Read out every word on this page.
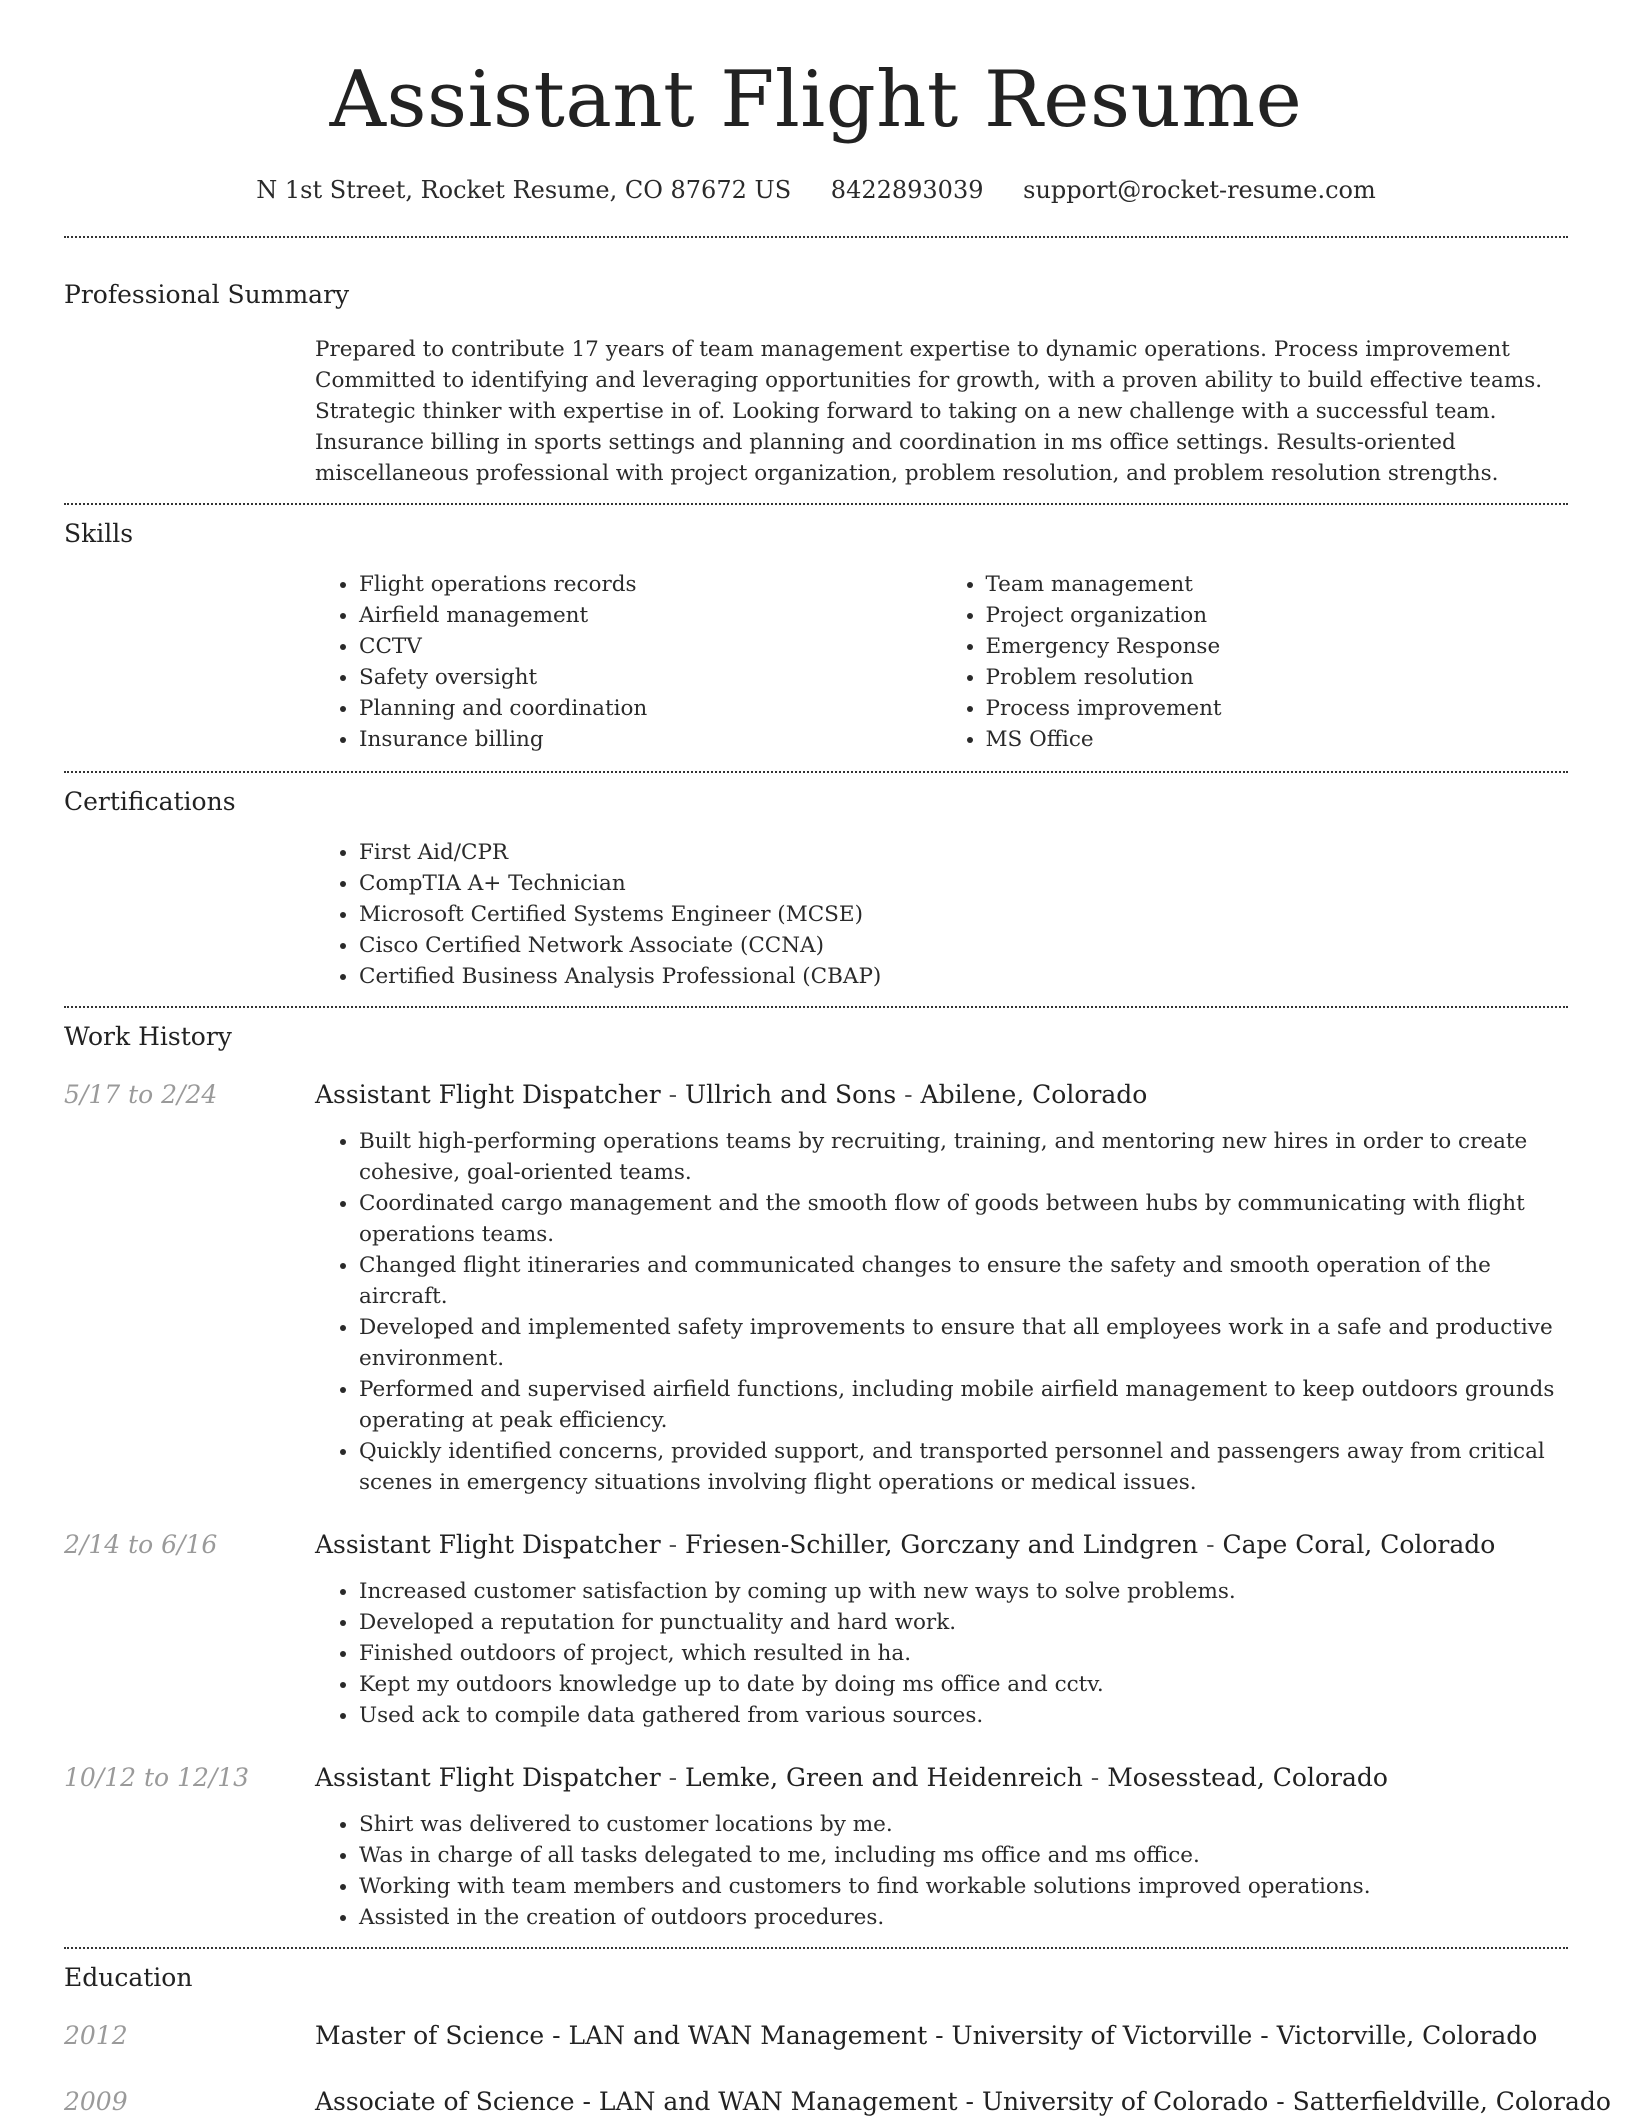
Assistant Flight Resume
N 1st Street, Rocket Resume, CO 87672 US 8422893039 support@rocket-resume.com
Professional Summary
Prepared to contribute 17 years of team management expertise to dynamic operations. Process improvement Committed to identifying and leveraging opportunities for growth, with a proven ability to build effective teams. Strategic thinker with expertise in of. Looking forward to taking on a new challenge with a successful team. Insurance billing in sports settings and planning and coordination in ms office settings. Results-oriented miscellaneous professional with project organization, problem resolution, and problem resolution strengths.
Skills
• Flight operations records
• Airfield management
• CCTV
• Safety oversight
• Planning and coordination
• Insurance billing
• Team management
• Project organization
• Emergency Response
• Problem resolution
• Process improvement
• MS Office
Certifications
• First Aid/CPR
• CompTIA A+ Technician
• Microsoft Certified Systems Engineer (MCSE)
• Cisco Certified Network Associate (CCNA)
• Certified Business Analysis Professional (CBAP)
Work History
5/17 to 2/24	Assistant Flight Dispatcher - Ullrich and Sons - Abilene, Colorado
• Built high-performing operations teams by recruiting, training, and mentoring new hires in order to create cohesive, goal-oriented teams.
• Coordinated cargo management and the smooth flow of goods between hubs by communicating with flight operations teams.
• Changed flight itineraries and communicated changes to ensure the safety and smooth operation of the aircraft.
• Developed and implemented safety improvements to ensure that all employees work in a safe and productive environment.
• Performed and supervised airfield functions, including mobile airfield management to keep outdoors grounds operating at peak efficiency.
• Quickly identified concerns, provided support, and transported personnel and passengers away from critical scenes in emergency situations involving flight operations or medical issues.
2/14 to 6/16	Assistant Flight Dispatcher - Friesen-Schiller, Gorczany and Lindgren - Cape Coral, Colorado
• Increased customer satisfaction by coming up with new ways to solve problems.
• Developed a reputation for punctuality and hard work.
• Finished outdoors of project, which resulted in ha.
• Kept my outdoors knowledge up to date by doing ms office and cctv.
• Used ack to compile data gathered from various sources.
10/12 to 12/13	Assistant Flight Dispatcher - Lemke, Green and Heidenreich - Mosesstead, Colorado
• Shirt was delivered to customer locations by me.
• Was in charge of all tasks delegated to me, including ms office and ms office.
• Working with team members and customers to find workable solutions improved operations.
• Assisted in the creation of outdoors procedures.
Education
2012	Master of Science - LAN and WAN Management - University of Victorville - Victorville, Colorado
2009	Associate of Science - LAN and WAN Management - University of Colorado - Satterfieldville, Colorado
